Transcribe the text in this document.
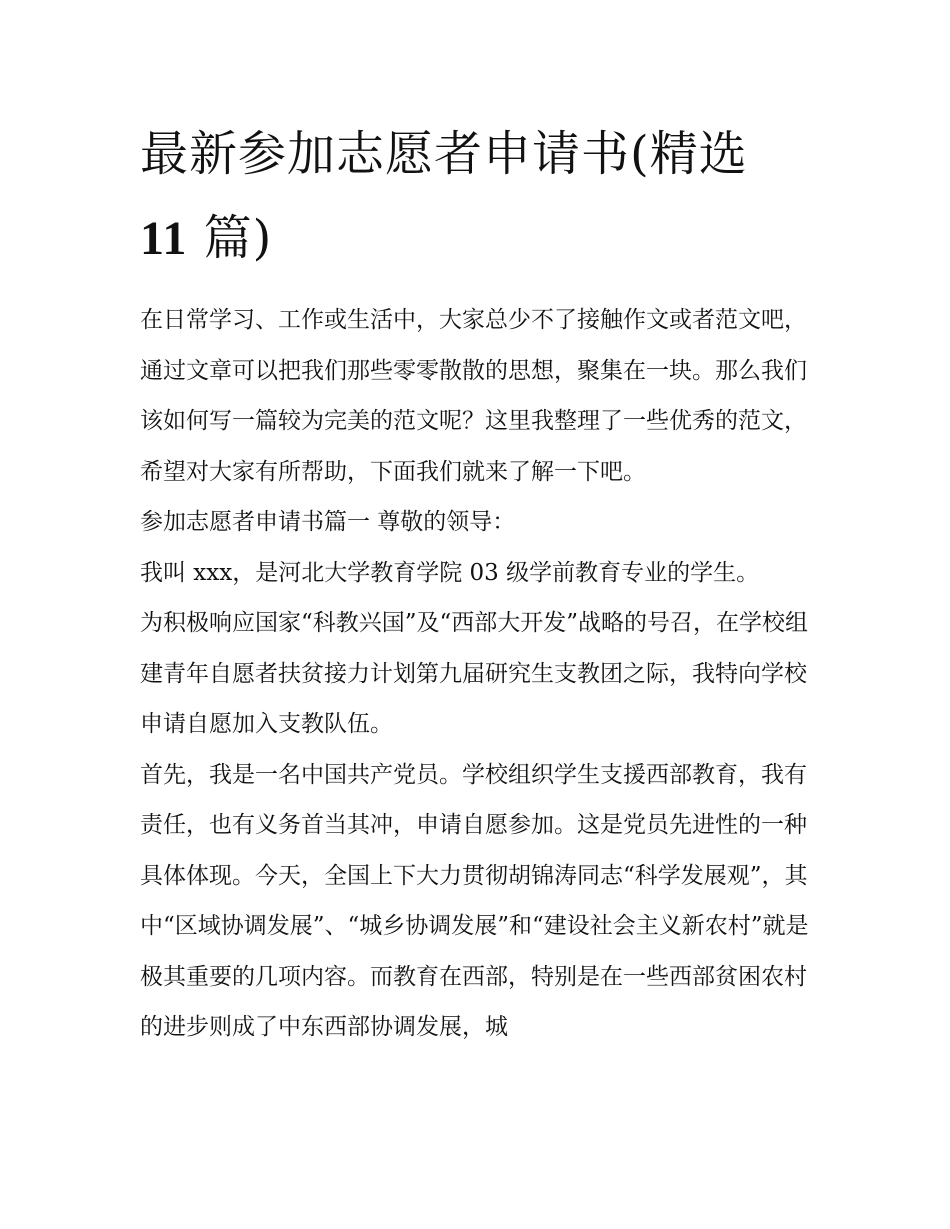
最新参加志愿者申请书(精选
11 篇)

在日常学习、工作或生活中，大家总少不了接触作文或者范文吧，通过文章可以把我们那些零零散散的思想，聚集在一块。那么我们该如何写一篇较为完美的范文呢？这里我整理了一些优秀的范文，希望对大家有所帮助，下面我们就来了解一下吧。

参加志愿者申请书篇一 尊敬的领导：

我叫 xxx，是河北大学教育学院 03 级学前教育专业的学生。

为积极响应国家“科教兴国”及“西部大开发”战略的号召，在学校组建青年自愿者扶贫接力计划第九届研究生支教团之际，我特向学校申请自愿加入支教队伍。

首先，我是一名中国共产党员。学校组织学生支援西部教育，我有责任，也有义务首当其冲，申请自愿参加。这是党员先进性的一种具体体现。今天，全国上下大力贯彻胡锦涛同志“科学发展观”，其中“区域协调发展”、“城乡协调发展”和“建设社会主义新农村”就是极其重要的几项内容。而教育在西部，特别是在一些西部贫困农村的进步则成了中东西部协调发展，城
